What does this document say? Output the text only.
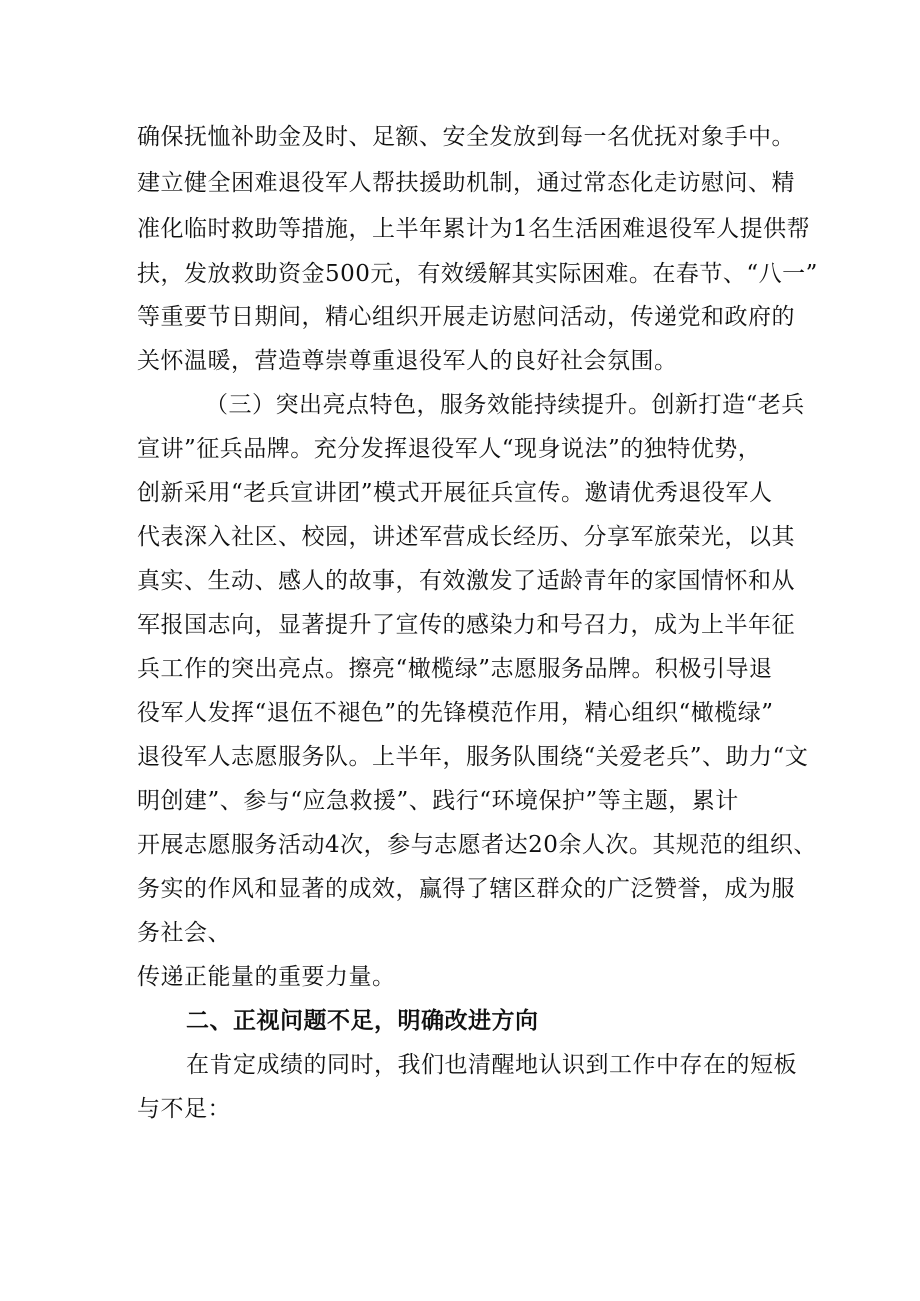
确保抚恤补助金及时、足额、安全发放到每一名优抚对象手中。
建立健全困难退役军人帮扶援助机制，通过常态化走访慰问、精
准化临时救助等措施，上半年累计为1名生活困难退役军人提供帮
扶，发放救助资金500元，有效缓解其实际困难。在春节、“八一”
等重要节日期间，精心组织开展走访慰问活动，传递党和政府的
关怀温暖，营造尊崇尊重退役军人的良好社会氛围。
（三）突出亮点特色，服务效能持续提升。创新打造“老兵
宣讲”征兵品牌。充分发挥退役军人“现身说法”的独特优势，
创新采用“老兵宣讲团”模式开展征兵宣传。邀请优秀退役军人
代表深入社区、校园，讲述军营成长经历、分享军旅荣光，以其
真实、生动、感人的故事，有效激发了适龄青年的家国情怀和从
军报国志向，显著提升了宣传的感染力和号召力，成为上半年征
兵工作的突出亮点。擦亮“橄榄绿”志愿服务品牌。积极引导退
役军人发挥“退伍不褪色”的先锋模范作用，精心组织“橄榄绿”
退役军人志愿服务队。上半年，服务队围绕“关爱老兵”、助力“文
明创建”、参与“应急救援”、践行“环境保护”等主题，累计
开展志愿服务活动4次，参与志愿者达20余人次。其规范的组织、
务实的作风和显著的成效，赢得了辖区群众的广泛赞誉，成为服
务社会、
传递正能量的重要力量。
二、正视问题不足，明确改进方向
在肯定成绩的同时，我们也清醒地认识到工作中存在的短板
与不足：
